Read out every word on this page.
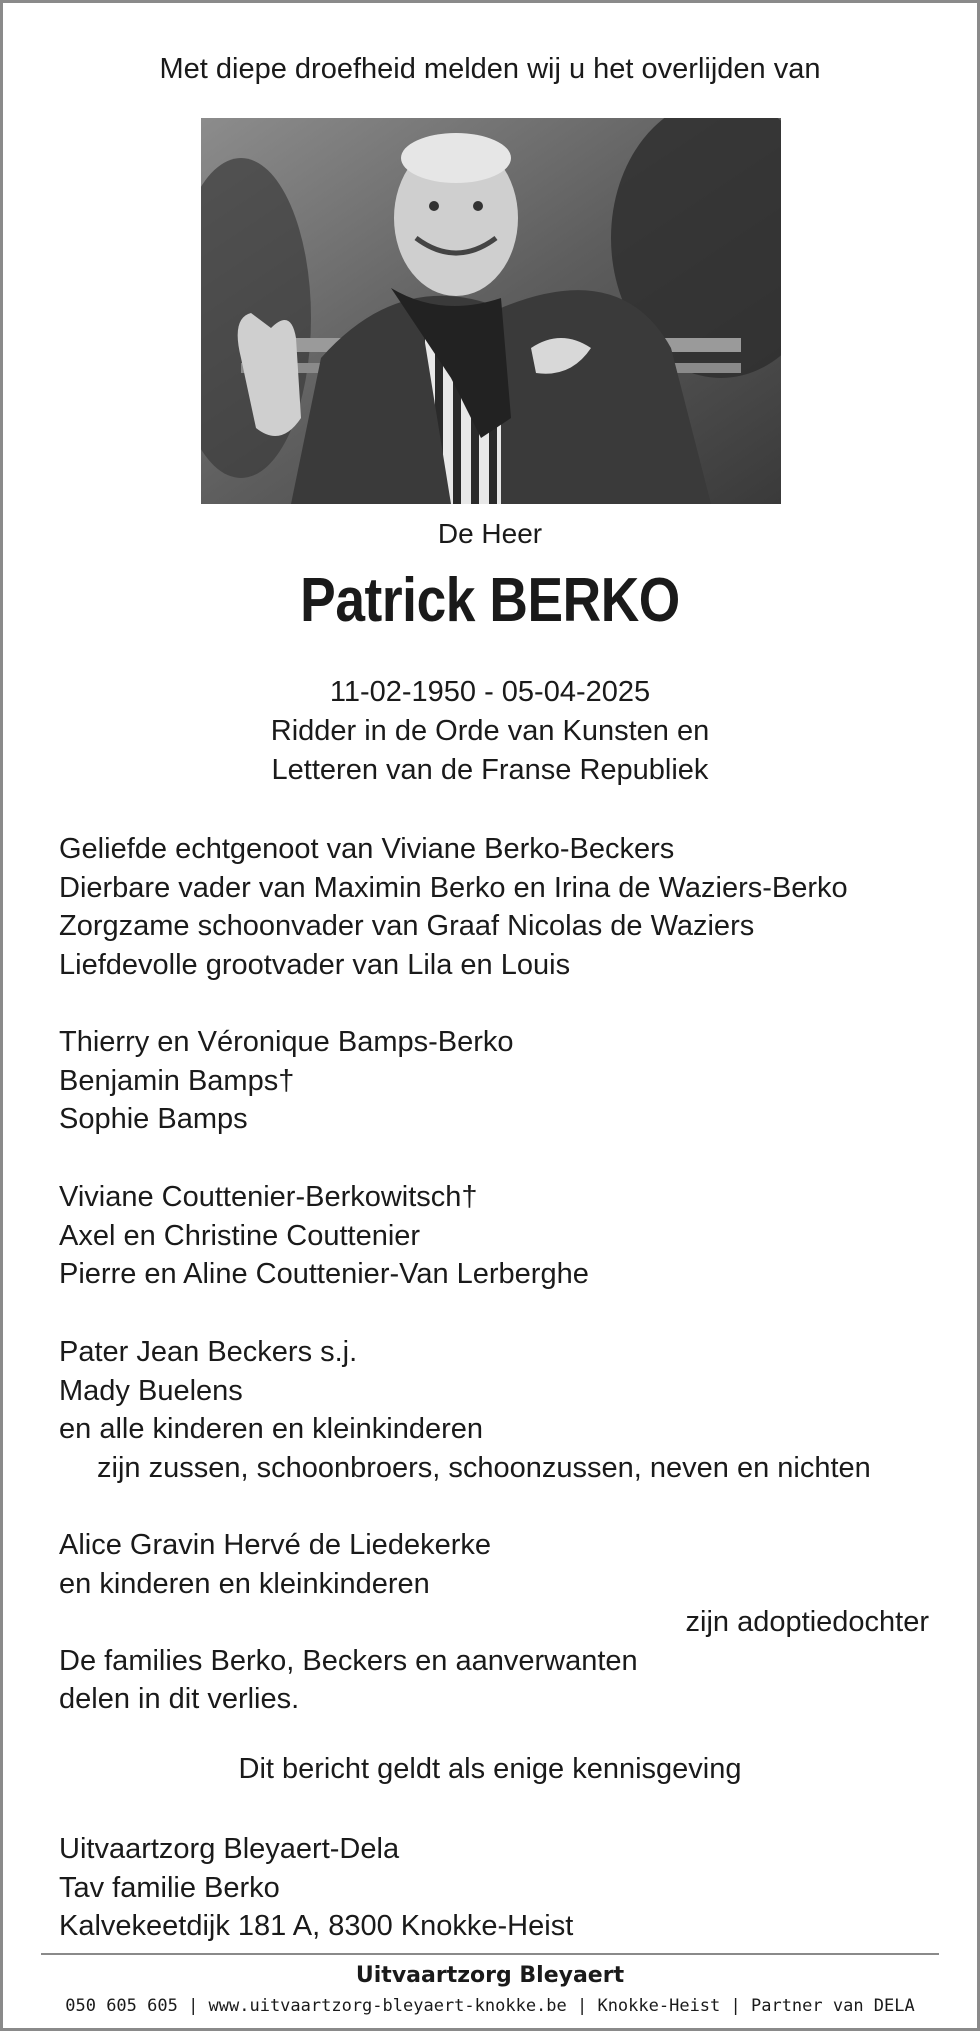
Met diepe droefheid melden wij u het overlijden van
De Heer
Patrick BERKO
11-02-1950 - 05-04-2025
Ridder in de Orde van Kunsten en
Letteren van de Franse Republiek
Geliefde echtgenoot van Viviane Berko-Beckers
Dierbare vader van Maximin Berko en Irina de Waziers-Berko
Zorgzame schoonvader van Graaf Nicolas de Waziers
Liefdevolle grootvader van Lila en Louis
Thierry en Véronique Bamps-Berko
Benjamin Bamps†
Sophie Bamps
Viviane Couttenier-Berkowitsch†
Axel en Christine Couttenier
Pierre en Aline Couttenier-Van Lerberghe
Pater Jean Beckers s.j.
Mady Buelens
en alle kinderen en kleinkinderen
zijn zussen, schoonbroers, schoonzussen, neven en nichten
Alice Gravin Hervé de Liedekerke
en kinderen en kleinkinderen
zijn adoptiedochter
De families Berko, Beckers en aanverwanten
delen in dit verlies.
Dit bericht geldt als enige kennisgeving
Uitvaartzorg Bleyaert-Dela
Tav familie Berko
Kalvekeetdijk 181 A, 8300 Knokke-Heist
Uitvaartzorg Bleyaert
050 605 605 | www.uitvaartzorg-bleyaert-knokke.be | Knokke-Heist | Partner van DELA
